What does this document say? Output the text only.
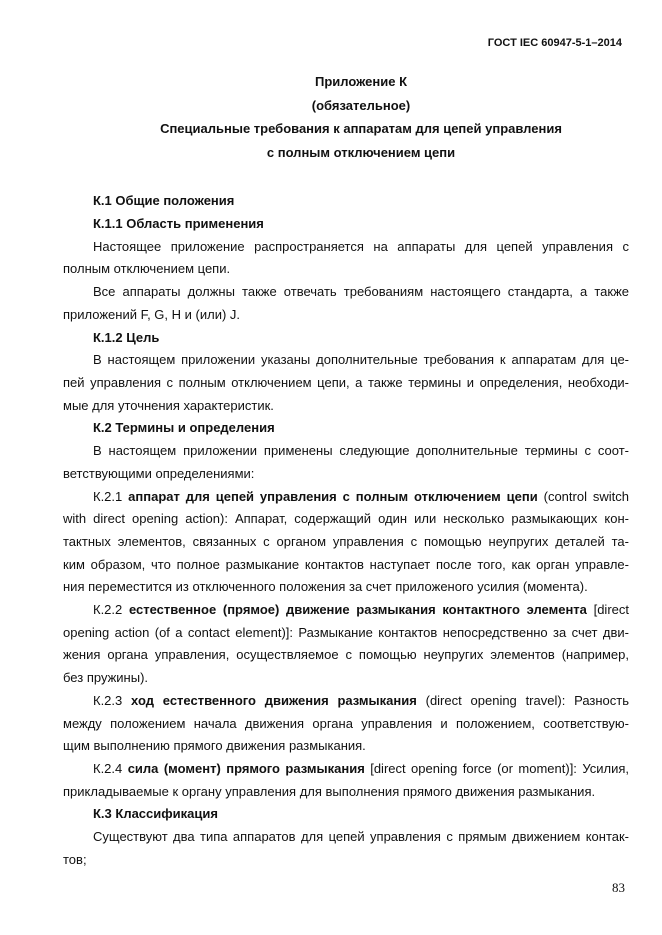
ГОСТ IEC 60947-5-1–2014
Приложение К
(обязательное)
Специальные требования к аппаратам для цепей управления
с полным отключением цепи
К.1 Общие положения
К.1.1 Область применения
Настоящее приложение распространяется на аппараты для цепей управления с
полным отключением цепи.
Все аппараты должны также отвечать требованиям настоящего стандарта, а также
приложений F, G, H и (или) J.
К.1.2 Цель
В настоящем приложении указаны дополнительные требования к аппаратам для це-
пей управления с полным отключением цепи, а также термины и определения, необходи-
мые для уточнения характеристик.
К.2 Термины и определения
В настоящем приложении применены следующие дополнительные термины с соот-
ветствующими определениями:
К.2.1 аппарат для цепей управления с полным отключением цепи (control switch
with direct opening action): Аппарат, содержащий один или несколько размыкающих кон-
тактных элементов, связанных с органом управления с помощью неупругих деталей та-
ким образом, что полное размыкание контактов наступает после того, как орган управле-
ния переместится из отключенного положения за счет приложеного усилия (момента).
К.2.2 естественное (прямое) движение размыкания контактного элемента [direct
opening action (of a contact element)]: Размыкание контактов непосредственно за счет дви-
жения органа управления, осуществляемое с помощью неупругих элементов (например,
без пружины).
К.2.3 ход естественного движения размыкания (direct opening travel): Разность
между положением начала движения органа управления и положением, соответствую-
щим выполнению прямого движения размыкания.
К.2.4 сила (момент) прямого размыкания [direct opening force (or moment)]: Усилия,
прикладываемые к органу управления для выполнения прямого движения размыкания.
К.3 Классификация
Существуют два типа аппаратов для цепей управления с прямым движением контак-
тов;
83
